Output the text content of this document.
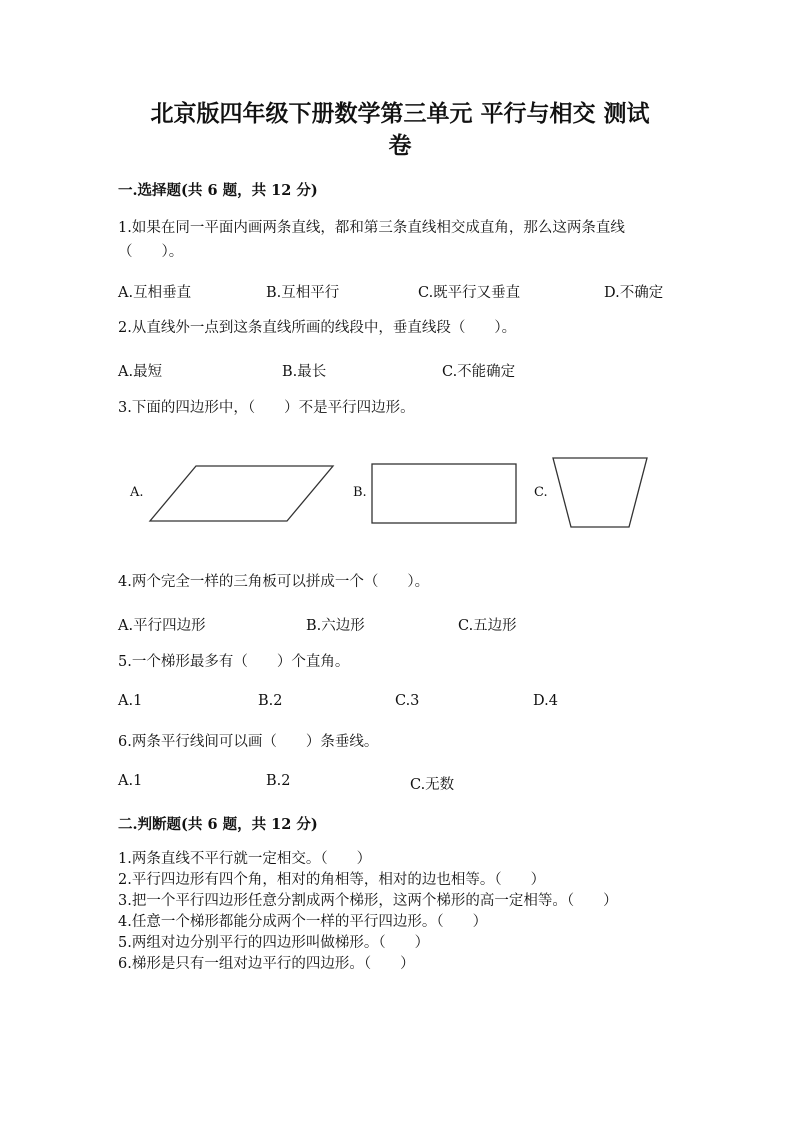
北京版四年级下册数学第三单元 平行与相交 测试
卷
一.选择题(共 6 题，共 12 分)
1.如果在同一平面内画两条直线，都和第三条直线相交成直角，那么这两条直线（　　）。
A.互相垂直	B.互相平行	C.既平行又垂直	D.不确定
2.从直线外一点到这条直线所画的线段中，垂直线段（　　）。
A.最短	B.最长	C.不能确定
3.下面的四边形中，（　　）不是平行四边形。
A.	B.	C.
4.两个完全一样的三角板可以拼成一个（　　）。
A.平行四边形	B.六边形	C.五边形
5.一个梯形最多有（　　）个直角。
A.1	B.2	C.3	D.4
6.两条平行线间可以画（　　）条垂线。
A.1	B.2	C.无数
二.判断题(共 6 题，共 12 分)
1.两条直线不平行就一定相交。（　　）
2.平行四边形有四个角，相对的角相等，相对的边也相等。（　　）
3.把一个平行四边形任意分割成两个梯形，这两个梯形的高一定相等。（　　）
4.任意一个梯形都能分成两个一样的平行四边形。（　　）
5.两组对边分别平行的四边形叫做梯形。（　　）
6.梯形是只有一组对边平行的四边形。（　　）
